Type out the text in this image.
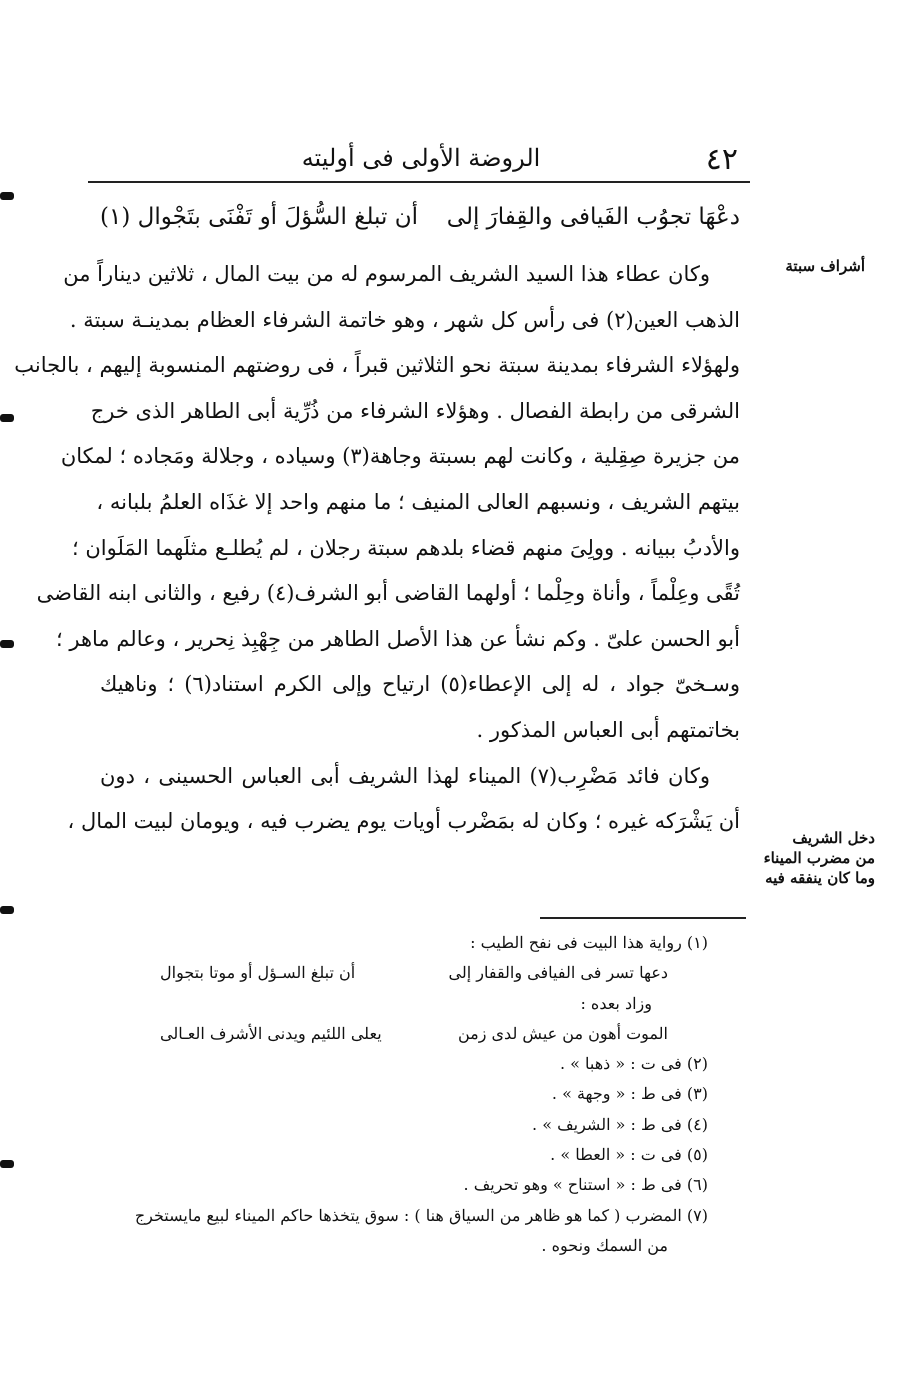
٤٢
الروضة الأولى فى أوليته
دعْهَا تجوُب الفَيافى والقِفارَ إلى
أن تبلغ السُّؤلَ أو تَفْنَى بتَجْوال (١)
أشراف سبتة
دخل الشريف
من مضرب الميناء
وما كان ينفقه فيه
وكان عطاء هذا السيد الشريف المرسوم له من بيت المال ، ثلاثين ديناراً من
الذهب العين(٢) فى رأس كل شهر ، وهو خاتمة الشرفاء العظام بمدينـة سبتة .
ولهؤلاء الشرفاء بمدينة سبتة نحو الثلاثين قبراً ، فى روضتهم المنسوبة إليهم ، بالجانب
الشرقى من رابطة الفصال . وهؤلاء الشرفاء من ذُرِّية أبى الطاهر الذى خرج
من جزيرة صِقِلية ، وكانت لهم بسبتة وجاهة(٣) وسياده ، وجلالة ومَجاده ؛ لمكان
بيتهم الشريف ، ونسبهم العالى المنيف ؛ ما منهم واحد إلا غذَاه العلمُ بلبانه ،
والأدبُ ببيانه . وولِىَ منهم قضاء بلدهم سبتة رجلان ، لم يُطلـع مثلَهما المَلَوان ؛
تُقًى وعِلْماً ، وأناة وحِلْما ؛ أولهما القاضى أبو الشرف(٤) رفيع ، والثانى ابنه القاضى
أبو الحسن علىّ . وكم نشأ عن هذا الأصل الطاهر من جِهْبِذ نِحرير ، وعالم ماهر ؛
وسـخىّ جواد ، له إلى الإعطاء(٥) ارتياح وإلى الكرم استناد(٦) ؛ وناهيك
بخاتمتهم أبى العباس المذكور .
وكان فائد مَضْرِب(٧) الميناء لهذا الشريف أبى العباس الحسينى ، دون
أن يَشْرَكه غيره ؛ وكان له بمَضْرب أويات يوم يضرب فيه ، ويومان لبيت المال ،
(١) رواية هذا البيت فى نفح الطيب :
دعها تسر فى الفيافى والقفار إلى
أن تبلغ السـؤل أو موتا بتجوال
وزاد بعده :
الموت أهون من عيش لدى زمن
يعلى اللئيم ويدنى الأشرف العـالى
(٢) فى ت : « ذهبا » .
(٣) فى ط : « وجهة » .
(٤) فى ط : « الشريف » .
(٥) فى ت : « العطا » .
(٦) فى ط : « استناح » وهو تحريف .
(٧) المضرب ( كما هو ظاهر من السياق هنا ) : سوق يتخذها حاكم الميناء لبيع مايستخرج
من السمك ونحوه .
